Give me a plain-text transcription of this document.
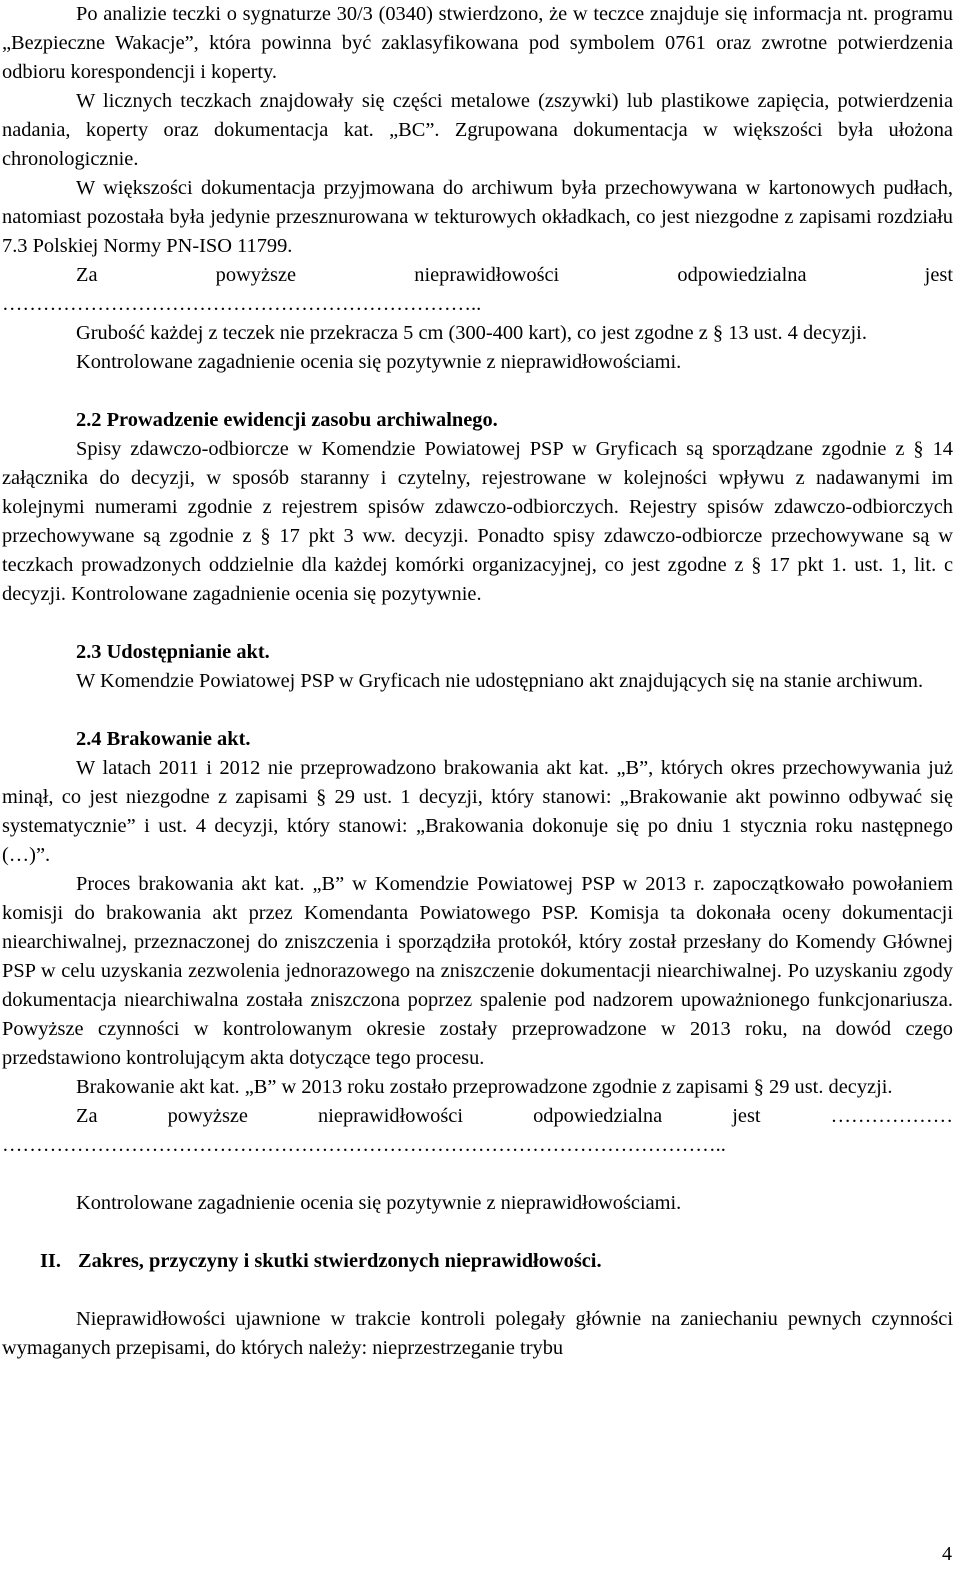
Po analizie teczki o sygnaturze 30/3 (0340) stwierdzono, że w teczce znajduje się informacja nt. programu „Bezpieczne Wakacje”, która powinna być zaklasyfikowana pod symbolem 0761 oraz zwrotne potwierdzenia odbioru korespondencji i koperty.

W licznych teczkach znajdowały się części metalowe (zszywki) lub plastikowe zapięcia, potwierdzenia nadania, koperty oraz dokumentacja kat. „BC”. Zgrupowana dokumentacja w większości była ułożona chronologicznie.

W większości dokumentacja przyjmowana do archiwum była przechowywana w kartonowych pudłach, natomiast pozostała była jedynie przesznurowana w tekturowych okładkach, co jest niezgodne z zapisami rozdziału 7.3 Polskiej Normy PN-ISO 11799.

Za powyższe nieprawidłowości odpowiedzialna jest ……………………………………………………………..

Grubość każdej z teczek nie przekracza 5 cm (300-400 kart), co jest zgodne z § 13 ust. 4 decyzji.

Kontrolowane zagadnienie ocenia się pozytywnie z nieprawidłowościami.

2.2 Prowadzenie ewidencji zasobu archiwalnego.

Spisy zdawczo-odbiorcze w Komendzie Powiatowej PSP w Gryficach są sporządzane zgodnie z § 14 załącznika do decyzji, w sposób staranny i czytelny, rejestrowane w kolejności wpływu z nadawanymi im kolejnymi numerami zgodnie z rejestrem spisów zdawczo-odbiorczych. Rejestry spisów zdawczo-odbiorczych przechowywane są zgodnie z § 17 pkt 3 ww. decyzji. Ponadto spisy zdawczo-odbiorcze przechowywane są w teczkach prowadzonych oddzielnie dla każdej komórki organizacyjnej, co jest zgodne z § 17 pkt 1. ust. 1, lit. c decyzji. Kontrolowane zagadnienie ocenia się pozytywnie.

2.3 Udostępnianie akt.

W Komendzie Powiatowej PSP w Gryficach nie udostępniano akt znajdujących się na stanie archiwum.

2.4 Brakowanie akt.

W latach 2011 i 2012 nie przeprowadzono brakowania akt kat. „B”, których okres przechowywania już minął, co jest niezgodne z zapisami § 29 ust. 1 decyzji, który stanowi: „Brakowanie akt powinno odbywać się systematycznie” i ust. 4 decyzji, który stanowi: „Brakowania dokonuje się po dniu 1 stycznia roku następnego (…)”.

Proces brakowania akt kat. „B” w Komendzie Powiatowej PSP w 2013 r. zapoczątkowało powołaniem komisji do brakowania akt przez Komendanta Powiatowego PSP. Komisja ta dokonała oceny dokumentacji niearchiwalnej, przeznaczonej do zniszczenia i sporządziła protokół, który został przesłany do Komendy Głównej PSP w celu uzyskania zezwolenia jednorazowego na zniszczenie dokumentacji niearchiwalnej. Po uzyskaniu zgody dokumentacja niearchiwalna została zniszczona poprzez spalenie pod nadzorem upoważnionego funkcjonariusza. Powyższe czynności w kontrolowanym okresie zostały przeprowadzone w 2013 roku, na dowód czego przedstawiono kontrolującym akta dotyczące tego procesu.

Brakowanie akt kat. „B” w 2013 roku zostało przeprowadzone zgodnie z zapisami § 29 ust. decyzji.

Za powyższe nieprawidłowości odpowiedzialna jest ……………… ……………………………………………………………………………………………..

Kontrolowane zagadnienie ocenia się pozytywnie z nieprawidłowościami.

II. Zakres, przyczyny i skutki stwierdzonych nieprawidłowości.

Nieprawidłowości ujawnione w trakcie kontroli polegały głównie na zaniechaniu pewnych czynności wymaganych przepisami, do których należy: nieprzestrzeganie trybu

4
